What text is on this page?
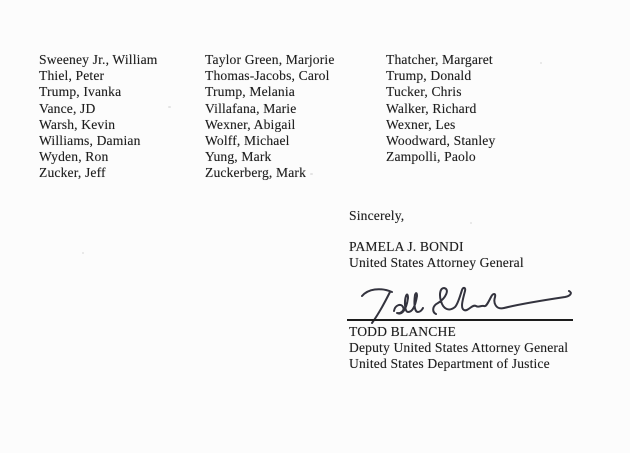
Sweeney Jr., William
Thiel, Peter
Trump, Ivanka
Vance, JD
Warsh, Kevin
Williams, Damian
Wyden, Ron
Zucker, Jeff
Taylor Green, Marjorie
Thomas-Jacobs, Carol
Trump, Melania
Villafana, Marie
Wexner, Abigail
Wolff, Michael
Yung, Mark
Zuckerberg, Mark
Thatcher, Margaret
Trump, Donald
Tucker, Chris
Walker, Richard
Wexner, Les
Woodward, Stanley
Zampolli, Paolo
Sincerely,
PAMELA J. BONDI
United States Attorney General
TODD BLANCHE
Deputy United States Attorney General
United States Department of Justice
